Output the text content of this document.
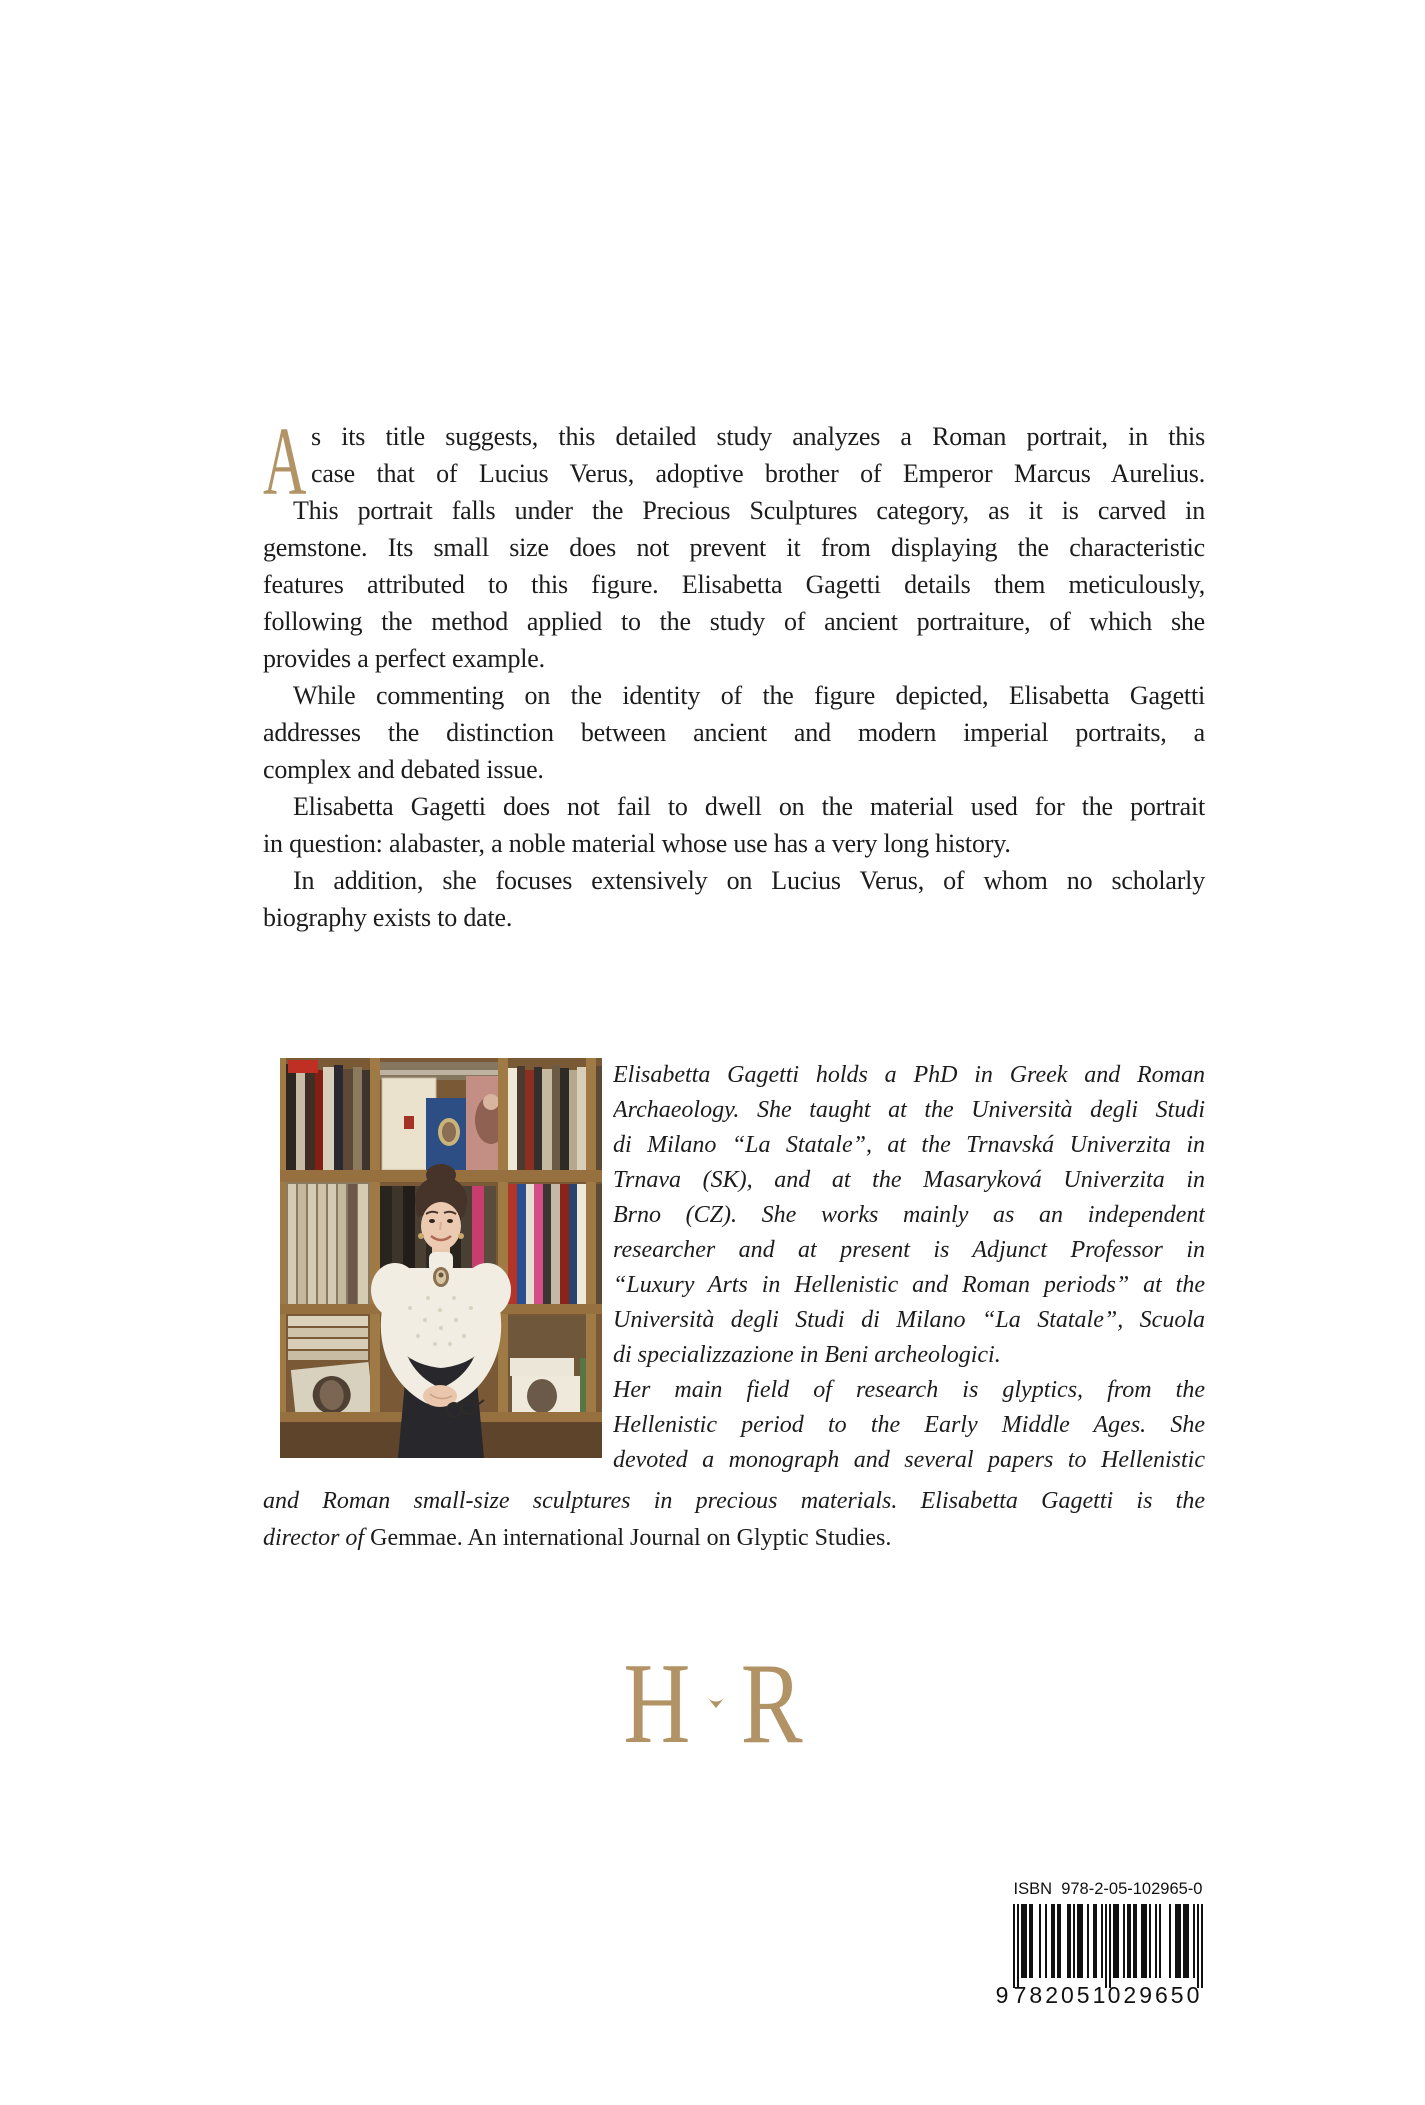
A s its title suggests, this detailed study analyzes a Roman portrait, in this
case that of Lucius Verus, adoptive brother of Emperor Marcus Aurelius.
This portrait falls under the Precious Sculptures category, as it is carved in
gemstone. Its small size does not prevent it from displaying the characteristic
features attributed to this figure. Elisabetta Gagetti details them meticulously,
following the method applied to the study of ancient portraiture, of which she
provides a perfect example.
While commenting on the identity of the figure depicted, Elisabetta Gagetti
addresses the distinction between ancient and modern imperial portraits, a
complex and debated issue.
Elisabetta Gagetti does not fail to dwell on the material used for the portrait
in question: alabaster, a noble material whose use has a very long history.
In addition, she focuses extensively on Lucius Verus, of whom no scholarly
biography exists to date.
Elisabetta Gagetti holds a PhD in Greek and Roman
Archaeology. She taught at the Università degli Studi
di Milano “La Statale”, at the Trnavská Univerzita in
Trnava (SK), and at the Masaryková Univerzita in
Brno (CZ). She works mainly as an independent
researcher and at present is Adjunct Professor in
“Luxury Arts in Hellenistic and Roman periods” at the
Università degli Studi di Milano “La Statale”, Scuola
di specializzazione in Beni archeologici.
Her main field of research is glyptics, from the
Hellenistic period to the Early Middle Ages. She
devoted a monograph and several papers to Hellenistic
and Roman small-size sculptures in precious materials. Elisabetta Gagetti is the
director of Gemmae. An international Journal on Glyptic Studies.
H R
ISBN  978-2-05-102965-0
9 782051 029650
